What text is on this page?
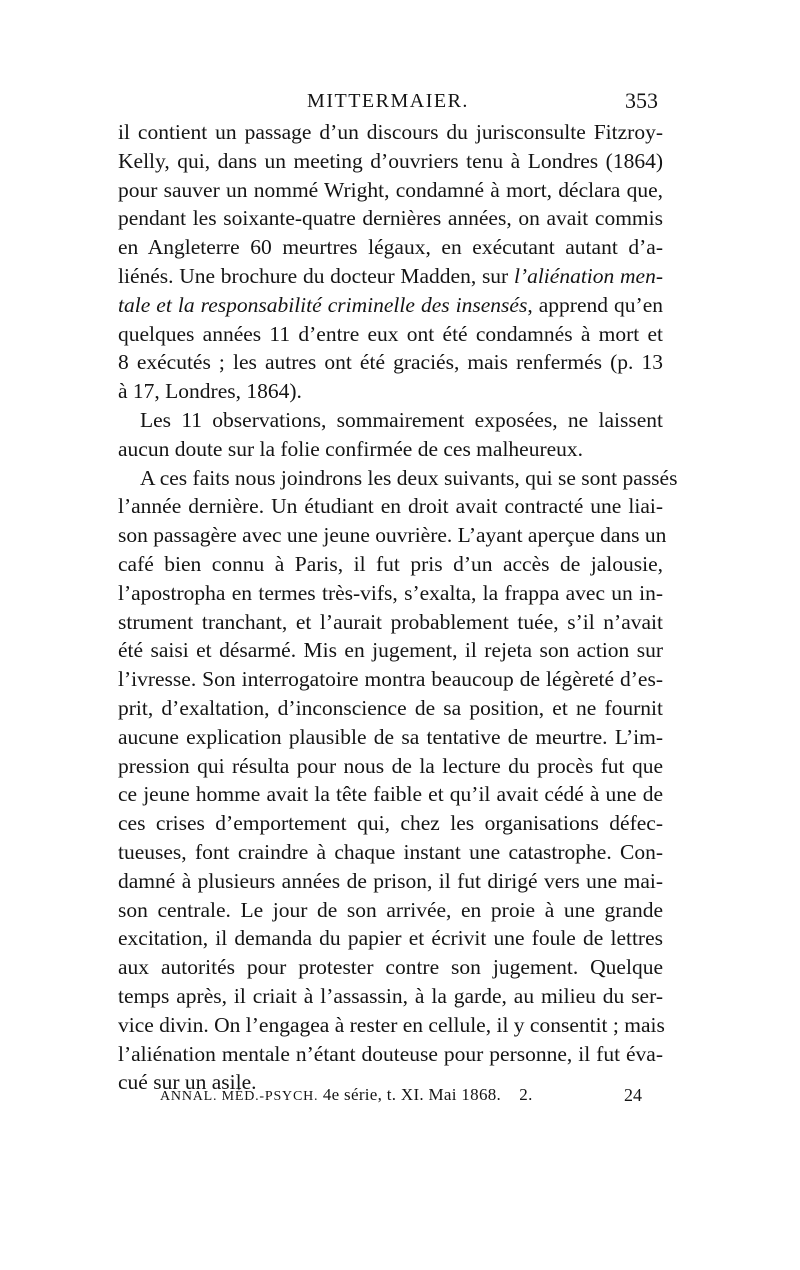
MITTERMAIER.	353
il contient un passage d’un discours du jurisconsulte Fitzroy-
Kelly, qui, dans un meeting d’ouvriers tenu à Londres (1864)
pour sauver un nommé Wright, condamné à mort, déclara que,
pendant les soixante-quatre dernières années, on avait commis
en Angleterre 60 meurtres légaux, en exécutant autant d’a-
liénés. Une brochure du docteur Madden, sur l’aliénation men-
tale et la responsabilité criminelle des insensés, apprend qu’en
quelques années 11 d’entre eux ont été condamnés à mort et
8 exécutés ; les autres ont été graciés, mais renfermés (p. 13
à 17, Londres, 1864).
Les 11 observations, sommairement exposées, ne laissent
aucun doute sur la folie confirmée de ces malheureux.
A ces faits nous joindrons les deux suivants, qui se sont passés
l’année dernière. Un étudiant en droit avait contracté une liai-
son passagère avec une jeune ouvrière. L’ayant aperçue dans un
café bien connu à Paris, il fut pris d’un accès de jalousie,
l’apostropha en termes très-vifs, s’exalta, la frappa avec un in-
strument tranchant, et l’aurait probablement tuée, s’il n’avait
été saisi et désarmé. Mis en jugement, il rejeta son action sur
l’ivresse. Son interrogatoire montra beaucoup de légèreté d’es-
prit, d’exaltation, d’inconscience de sa position, et ne fournit
aucune explication plausible de sa tentative de meurtre. L’im-
pression qui résulta pour nous de la lecture du procès fut que
ce jeune homme avait la tête faible et qu’il avait cédé à une de
ces crises d’emportement qui, chez les organisations défec-
tueuses, font craindre à chaque instant une catastrophe. Con-
damné à plusieurs années de prison, il fut dirigé vers une mai-
son centrale. Le jour de son arrivée, en proie à une grande
excitation, il demanda du papier et écrivit une foule de lettres
aux autorités pour protester contre son jugement. Quelque
temps après, il criait à l’assassin, à la garde, au milieu du ser-
vice divin. On l’engagea à rester en cellule, il y consentit ; mais
l’aliénation mentale n’étant douteuse pour personne, il fut éva-
cué sur un asile.
ANNAL. MÉD.-PSYCH. 4e série, t. XI. Mai 1868. 2.	24
